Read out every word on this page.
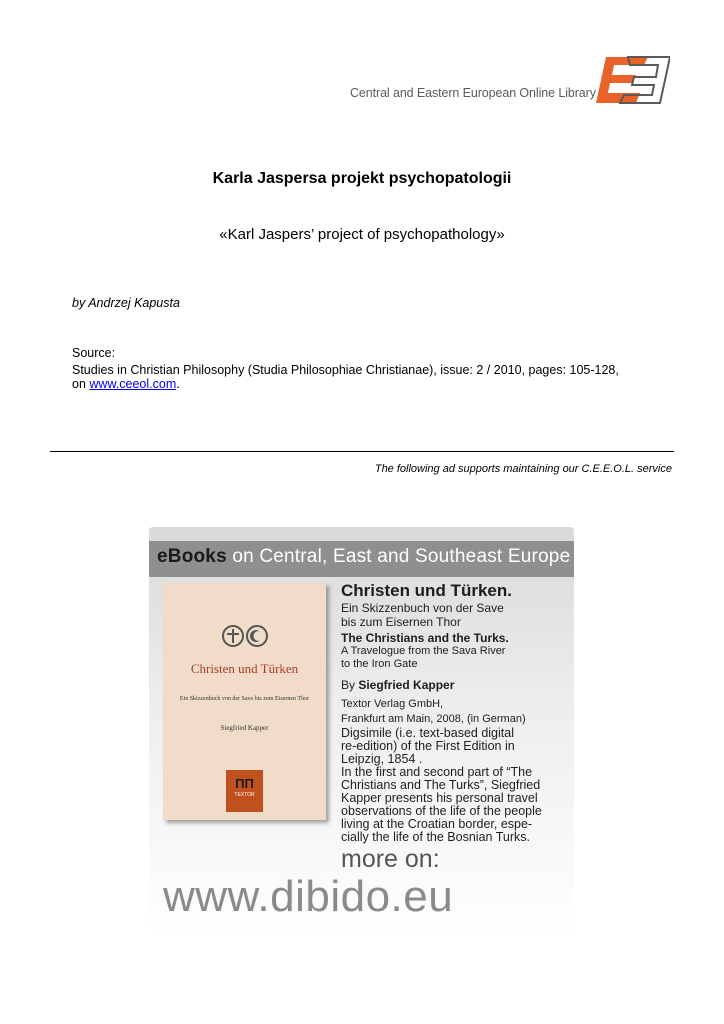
Central and Eastern European Online Library
Karla Jaspersa projekt psychopatologii
«Karl Jaspers’ project of psychopathology»
by Andrzej Kapusta
Source:
Studies in Christian Philosophy (Studia Philosophiae Christianae), issue: 2 / 2010, pages: 105-128,
on www.ceeol.com.
The following ad supports maintaining our C.E.E.O.L. service
eBooks on Central, East and Southeast Europe
Christen und Türken
Ein Skizzenbuch von der Save bis zum Eisernen Thor
Siegfried Kapper
ΠΠ
TEXTOR
Christen und Türken.
Ein Skizzenbuch von der Save
bis zum Eisernen Thor
The Christians and the Turks.
A Travelogue from the Sava River
to the Iron Gate
By Siegfried Kapper
Textor Verlag GmbH,
Frankfurt am Main, 2008, (in German)
Digsimile (i.e. text-based digital
re-edition) of the First Edition in
Leipzig, 1854 .
In the first and second part of “The
Christians and The Turks”, Siegfried
Kapper presents his personal travel
observations of the life of the people
living at the Croatian border, espe-
cially the life of the Bosnian Turks.
more on:
www.dibido.eu
